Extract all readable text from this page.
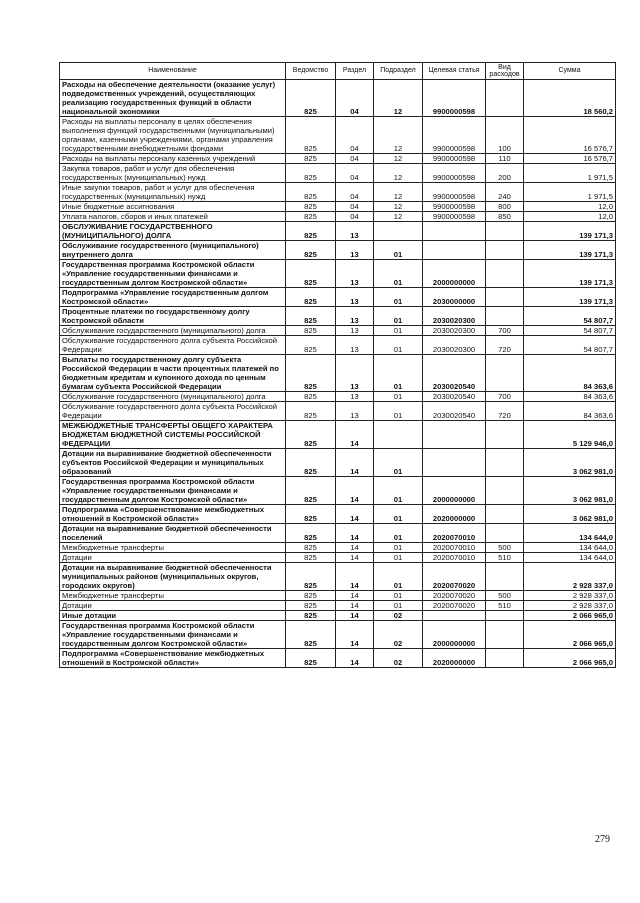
Наименование	Ведомство	Раздел	Подраздел	Целевая статья	Вид расходов	Сумма
Расходы на обеспечение деятельности (оказание услуг) подведомственных учреждений, осуществляющих реализацию государственных функций в области национальной экономики	825	04	12	9900000598		18 560,2
Расходы на выплаты персоналу в целях обеспечения выполнения функций государственными (муниципальными) органами, казенными учреждениями, органами управления государственными внебюджетными фондами	825	04	12	9900000598	100	16 576,7
Расходы на выплаты персоналу казенных учреждений	825	04	12	9900000598	110	16 576,7
Закупка товаров, работ и услуг для обеспечения государственных (муниципальных) нужд	825	04	12	9900000598	200	1 971,5
Иные закупки товаров, работ и услуг для обеспечения государственных (муниципальных) нужд	825	04	12	9900000598	240	1 971,5
Иные бюджетные ассигнования	825	04	12	9900000598	800	12,0
Уплата налогов, сборов и иных платежей	825	04	12	9900000598	850	12,0
ОБСЛУЖИВАНИЕ ГОСУДАРСТВЕННОГО (МУНИЦИПАЛЬНОГО) ДОЛГА	825	13				139 171,3
Обслуживание государственного (муниципального) внутреннего долга	825	13	01			139 171,3
Государственная программа Костромской области «Управление государственными финансами и государственным долгом Костромской области»	825	13	01	2000000000		139 171,3
Подпрограмма «Управление государственным долгом Костромской области»	825	13	01	2030000000		139 171,3
Процентные платежи по государственному долгу Костромской области	825	13	01	2030020300		54 807,7
Обслуживание государственного (муниципального) долга	825	13	01	2030020300	700	54 807,7
Обслуживание государственного долга субъекта Российской Федерации	825	13	01	2030020300	720	54 807,7
Выплаты по государственному долгу субъекта Российской Федерации в части процентных платежей по бюджетным кредитам и купонного дохода по ценным бумагам субъекта Российской Федерации	825	13	01	2030020540		84 363,6
Обслуживание государственного (муниципального) долга	825	13	01	2030020540	700	84 363,6
Обслуживание государственного долга субъекта Российской Федерации	825	13	01	2030020540	720	84 363,6
МЕЖБЮДЖЕТНЫЕ ТРАНСФЕРТЫ ОБЩЕГО ХАРАКТЕРА БЮДЖЕТАМ БЮДЖЕТНОЙ СИСТЕМЫ РОССИЙСКОЙ ФЕДЕРАЦИИ	825	14				5 129 946,0
Дотации на выравнивание бюджетной обеспеченности субъектов Российской Федерации и муниципальных образований	825	14	01			3 062 981,0
Государственная программа Костромской области «Управление государственными финансами и государственным долгом Костромской области»	825	14	01	2000000000		3 062 981,0
Подпрограмма «Совершенствование межбюджетных отношений в Костромской области»	825	14	01	2020000000		3 062 981,0
Дотации на выравнивание бюджетной обеспеченности поселений	825	14	01	2020070010		134 644,0
Межбюджетные трансферты	825	14	01	2020070010	500	134 644,0
Дотации	825	14	01	2020070010	510	134 644,0
Дотации на выравнивание бюджетной обеспеченности муниципальных районов (муниципальных округов, городских округов)	825	14	01	2020070020		2 928 337,0
Межбюджетные трансферты	825	14	01	2020070020	500	2 928 337,0
Дотации	825	14	01	2020070020	510	2 928 337,0
Иные дотации	825	14	02			2 066 965,0
Государственная программа Костромской области «Управление государственными финансами и государственным долгом Костромской области»	825	14	02	2000000000		2 066 965,0
Подпрограмма «Совершенствование межбюджетных отношений в Костромской области»	825	14	02	2020000000		2 066 965,0
279
